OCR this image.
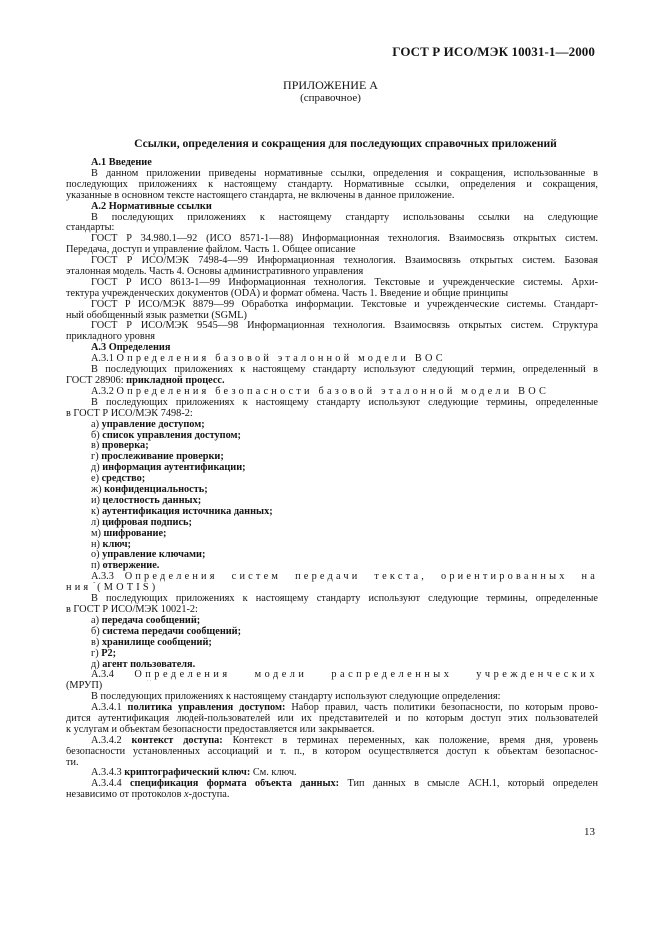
ГОСТ Р ИСО/МЭК 10031-1—2000
ПРИЛОЖЕНИЕ А
(справочное)
Ссылки, определения и сокращения для последующих справочных приложений

А.1 Введение

В данном приложении приведены нормативные ссылки, определения и сокращения, использованные в

последующих приложениях к настоящему стандарту. Нормативные ссылки, определения и сокращения,

указанные в основном тексте настоящего стандарта, не включены в данное приложение.

А.2 Нормативные ссылки

В последующих приложениях к настоящему стандарту использованы ссылки на следующие

стандарты:

ГОСТ Р 34.980.1—92 (ИСО 8571-1—88) Информационная технология. Взаимосвязь открытых систем.

Передача, доступ и управление файлом. Часть 1. Общее описание

ГОСТ Р ИСО/МЭК 7498-4—99 Информационная технология. Взаимосвязь открытых систем. Базовая

эталонная модель. Часть 4. Основы административного управления

ГОСТ Р ИСО 8613-1—99 Информационная технология. Текстовые и учрежденческие системы. Архи-

тектура учрежденческих документов (ODA) и формат обмена. Часть 1. Введение и общие принципы

ГОСТ Р ИСО/МЭК 8879—99 Обработка информации. Текстовые и учрежденческие системы. Стандарт-

ный обобщенный язык разметки (SGML)

ГОСТ Р ИСО/МЭК 9545—98 Информационная технология. Взаимосвязь открытых систем. Структура

прикладного уровня

А.3 Определения

А.3.1 Определения базовой эталонной модели ВОС

В последующих приложениях к настоящему стандарту используют следующий термин, определенный в

ГОСТ 28906: прикладной процесс.

А.3.2 Определения безопасности базовой эталонной модели ВОС

В последующих приложениях к настоящему стандарту используют следующие термины, определенные

в ГОСТ Р ИСО/МЭК 7498-2:

а) управление доступом;

б) список управления доступом;

в) проверка;

г) прослеживание проверки;

д) информация аутентификации;

е) средство;

ж) конфиденциальность;

и) целостность данных;

к) аутентификация источника данных;

л) цифровая подпись;

м) шифрование;

н) ключ;

о) управление ключами;

п) отвержение.

А.3.3 Определения систем передачи текста, ориентированных на

ния (MOTIS)

В последующих приложениях к настоящему стандарту используют следующие термины, определенные

в ГОСТ Р ИСО/МЭК 10021-2:

а) передача сообщений;

б) система передачи сообщений;

в) хранилище сообщений;

г) Р2;

д) агент пользователя.

А.3.4 Определения модели распределенных учрежденческих

(МРУП)

В последующих приложениях к настоящему стандарту используют следующие определения:

А.3.4.1 политика управления доступом: Набор правил, часть политики безопасности, по которым прово-

дится аутентификация людей-пользователей или их представителей и по которым доступ этих пользователей

к услугам и объектам безопасности предоставляется или закрывается.

А.3.4.2 контекст доступа: Контекст в терминах переменных, как положение, время дня, уровень

безопасности установленных ассоциаций и т. п., в котором осуществляется доступ к объектам безопаснос-

ти.

А.3.4.3 криптографический ключ: См. ключ.

А.3.4.4 спецификация формата объекта данных: Тип данных в смысле АСН.1, который определен

независимо от протоколов х-доступа.

13
